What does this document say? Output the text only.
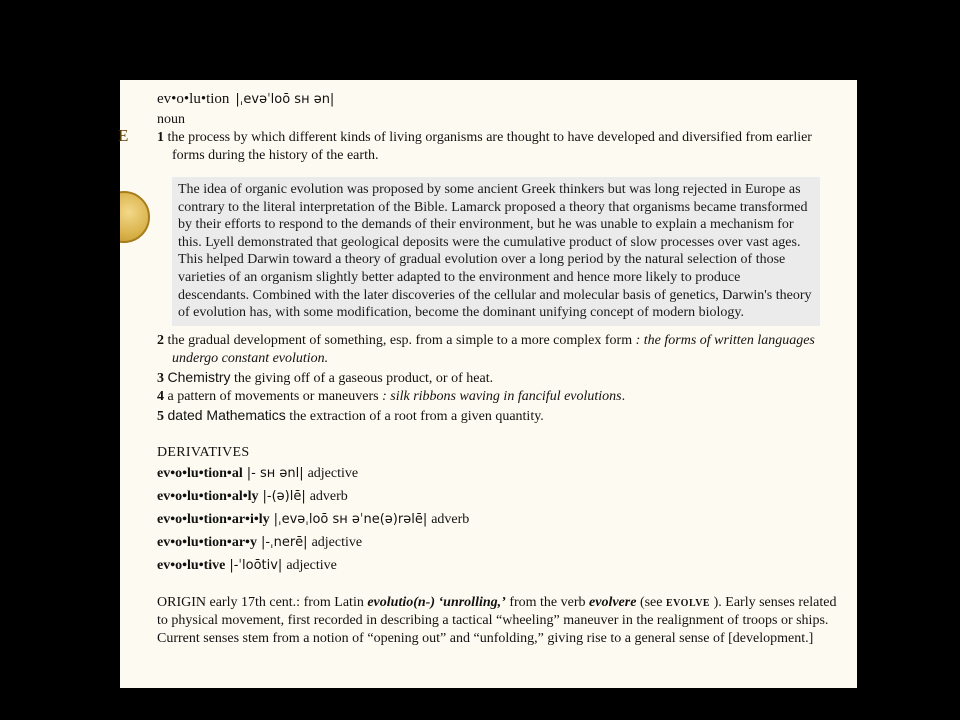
E
ev•o•lu•tion |ˌevəˈloō sʜ ən|
noun

1 the process by which different kinds of living organisms are thought to have developed and diversified from earlier forms during the history of the earth.

The idea of organic evolution was proposed by some ancient Greek thinkers but was long rejected in Europe as contrary to the literal interpretation of the Bible. Lamarck proposed a theory that organisms became transformed by their efforts to respond to the demands of their environment, but he was unable to explain a mechanism for this. Lyell demonstrated that geological deposits were the cumulative product of slow processes over vast ages. This helped Darwin toward a theory of gradual evolution over a long period by the natural selection of those varieties of an organism slightly better adapted to the environment and hence more likely to produce descendants. Combined with the later discoveries of the cellular and molecular basis of genetics, Darwin's theory of evolution has, with some modification, become the dominant unifying concept of modern biology.

2 the gradual development of something, esp. from a simple to a more complex form : the forms of written languages undergo constant evolution.

3 Chemistry the giving off of a gaseous product, or of heat.

4 a pattern of movements or maneuvers : silk ribbons waving in fanciful evolutions.

5 dated Mathematics the extraction of a root from a given quantity.

DERIVATIVES
ev•o•lu•tion•al |- sʜ ənl| adjective
ev•o•lu•tion•al•ly |-(ə)lē| adverb
ev•o•lu•tion•ar•i•ly |ˌevəˌloō sʜ əˈne(ə)rəlē| adverb
ev•o•lu•tion•ar•y |-ˌnerē| adjective
ev•o•lu•tive |-ˈloōtiv| adjective
ORIGIN early 17th cent.: from Latin evolutio(n-) ‘unrolling,’ from the verb evolvere (see evolve ). Early senses related to physical movement, first recorded in describing a tactical “wheeling” maneuver in the realignment of troops or ships. Current senses stem from a notion of “opening out” and “unfolding,” giving rise to a general sense of [development.]
